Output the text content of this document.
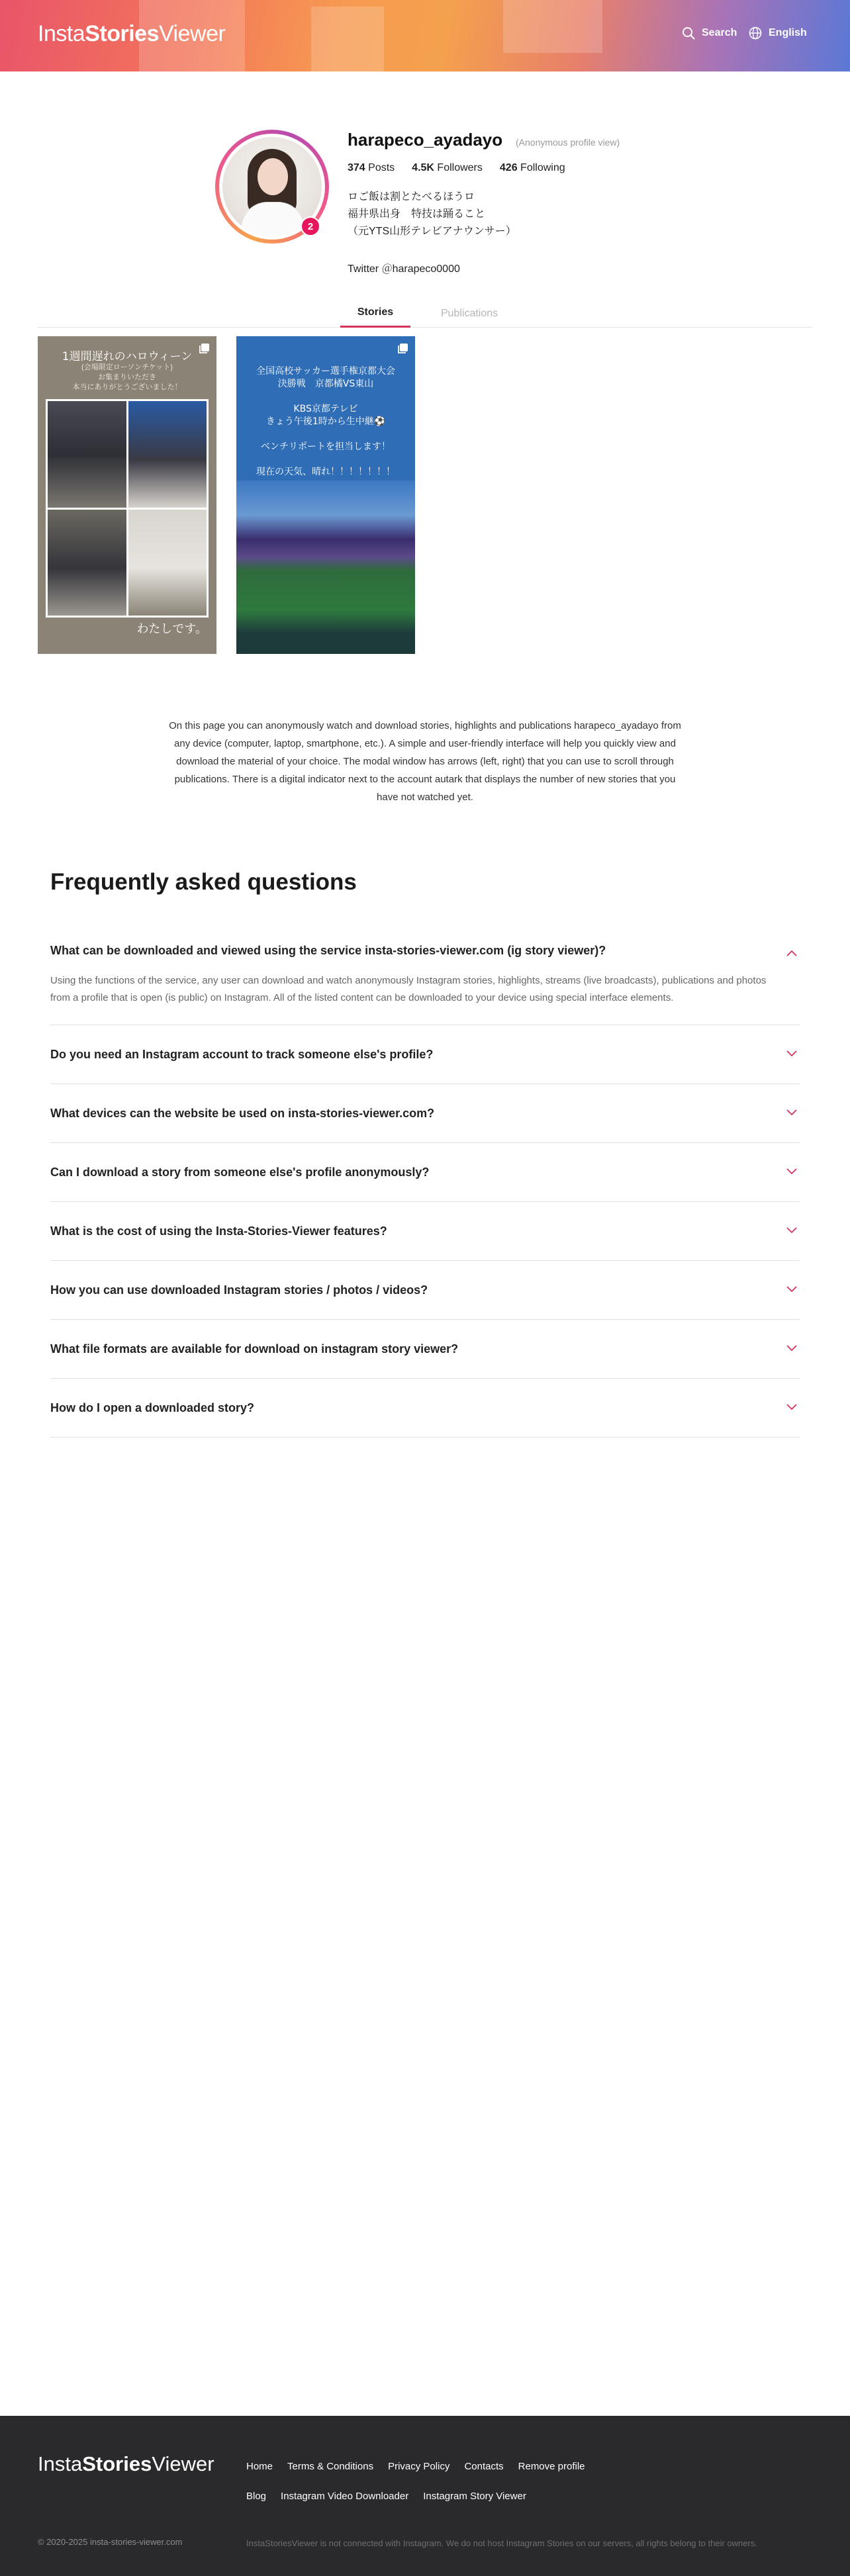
InstaStoriesViewer	Search	English
2
harapeco_ayadayo (Anonymous profile view)
374 Posts 4.5K Followers 426 Following
ロご飯は割とたべるほうロ
福井県出身　特技は踊ること
（元YTS山形テレビアナウンサー）
Twitter ＠harapeco0000
Stories	Publications
1週間遅れのハロウィーン
(会場限定ローソンチケット)
お集まりいただき
本当にありがとうございました！
わたしです。
全国高校サッカー選手権京都大会
決勝戦　京都橘VS東山

KBS京都テレビ
きょう午後1時から生中継⚽

ベンチリポートを担当します！

現在の天気、晴れ！！！！！！！
On this page you can anonymously watch and download stories, highlights and publications harapeco_ayadayo from any device (computer, laptop, smartphone, etc.). A simple and user-friendly interface will help you quickly view and download the material of your choice. The modal window has arrows (left, right) that you can use to scroll through publications. There is a digital indicator next to the account autark that displays the number of new stories that you have not watched yet.
Frequently asked questions
What can be downloaded and viewed using the service insta-stories-viewer.com (ig story viewer)?
Using the functions of the service, any user can download and watch anonymously Instagram stories, highlights, streams (live broadcasts), publications and photos from a profile that is open (is public) on Instagram. All of the listed content can be downloaded to your device using special interface elements.
Do you need an Instagram account to track someone else's profile?
What devices can the website be used on insta-stories-viewer.com?
Can I download a story from someone else's profile anonymously?
What is the cost of using the Insta-Stories-Viewer features?
How you can use downloaded Instagram stories / photos / videos?
What file formats are available for download on instagram story viewer?
How do I open a downloaded story?
InstaStoriesViewer	Home Terms & Conditions Privacy Policy Contacts Remove profile
Blog Instagram Video Downloader Instagram Story Viewer
© 2020-2025 insta-stories-viewer.com	InstaStoriesViewer is not connected with Instagram. We do not host Instagram Stories on our servers, all rights belong to their owners.
